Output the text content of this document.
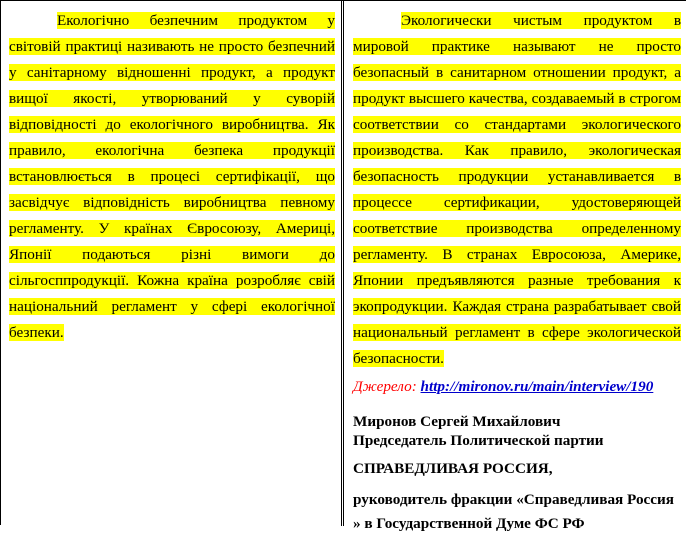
Екологічно безпечним продуктом у світовій практиці називають не просто безпечний у санітарному відношенні продукт, а продукт вищої якості, утворюваний у суворій відповідності до екологічного виробництва. Як правило, екологічна безпека продукції встановлюється в процесі сертифікації, що засвідчує відповідність виробництва певному регламенту. У країнах Євросоюзу, Америці, Японії подаються різні вимоги до сільгосппродукції. Кожна країна розробляє свій національний регламент у сфері екологічної безпеки.

Экологически чистым продуктом в мировой практике называют не просто безопасный в санитарном отношении продукт, а продукт высшего качества, создаваемый в строгом соответствии со стандартами экологического производства. Как правило, экологическая безопасность продукции устанавливается в процессе сертификации, удостоверяющей соответствие производства определенному регламенту. В странах Евросоюза, Америке, Японии предъявляются разные требования к экопродукции. Каждая страна разрабатывает свой национальный регламент в сфере экологической безопасности.

Джерело: http://mironov.ru/main/interview/190

Миронов Сергей Михайлович
Председатель Политической партии

СПРАВЕДЛИВАЯ РОССИЯ,

руководитель фракции «Справедливая Россия » в Государственной Думе ФС РФ
